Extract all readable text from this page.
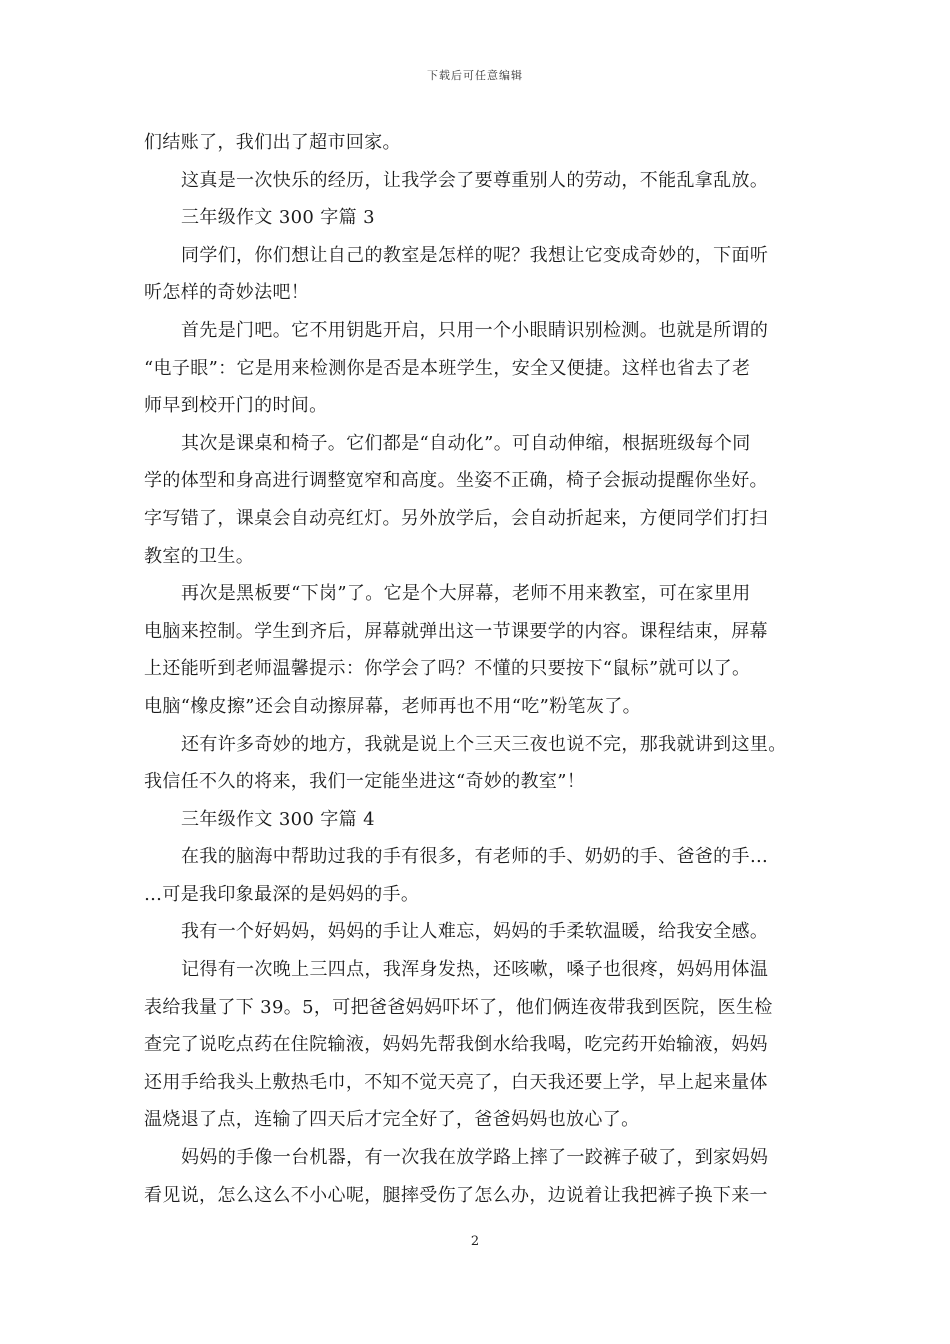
下载后可任意编辑

们结账了，我们出了超市回家。

这真是一次快乐的经历，让我学会了要尊重别人的劳动，不能乱拿乱放。

三年级作文 300 字篇 3

同学们，你们想让自己的教室是怎样的呢？我想让它变成奇妙的，下面听

听怎样的奇妙法吧！

首先是门吧。它不用钥匙开启，只用一个小眼睛识别检测。也就是所谓的

“电子眼”：它是用来检测你是否是本班学生，安全又便捷。这样也省去了老

师早到校开门的时间。

其次是课桌和椅子。它们都是“自动化”。可自动伸缩，根据班级每个同

学的体型和身高进行调整宽窄和高度。坐姿不正确，椅子会振动提醒你坐好。

字写错了，课桌会自动亮红灯。另外放学后，会自动折起来，方便同学们打扫

教室的卫生。

再次是黑板要“下岗”了。它是个大屏幕，老师不用来教室，可在家里用

电脑来控制。学生到齐后，屏幕就弹出这一节课要学的内容。课程结束，屏幕

上还能听到老师温馨提示：你学会了吗？不懂的只要按下“鼠标”就可以了。

电脑“橡皮擦”还会自动擦屏幕，老师再也不用“吃”粉笔灰了。

还有许多奇妙的地方，我就是说上个三天三夜也说不完，那我就讲到这里。

我信任不久的将来，我们一定能坐进这“奇妙的教室”！

三年级作文 300 字篇 4

在我的脑海中帮助过我的手有很多，有老师的手、奶奶的手、爸爸的手…

…可是我印象最深的是妈妈的手。

我有一个好妈妈，妈妈的手让人难忘，妈妈的手柔软温暖，给我安全感。

记得有一次晚上三四点，我浑身发热，还咳嗽，嗓子也很疼，妈妈用体温

表给我量了下 39。5，可把爸爸妈妈吓坏了，他们俩连夜带我到医院，医生检

查完了说吃点药在住院输液，妈妈先帮我倒水给我喝，吃完药开始输液，妈妈

还用手给我头上敷热毛巾，不知不觉天亮了，白天我还要上学，早上起来量体

温烧退了点，连输了四天后才完全好了，爸爸妈妈也放心了。

妈妈的手像一台机器，有一次我在放学路上摔了一跤裤子破了，到家妈妈

看见说，怎么这么不小心呢，腿摔受伤了怎么办，边说着让我把裤子换下来一

2
